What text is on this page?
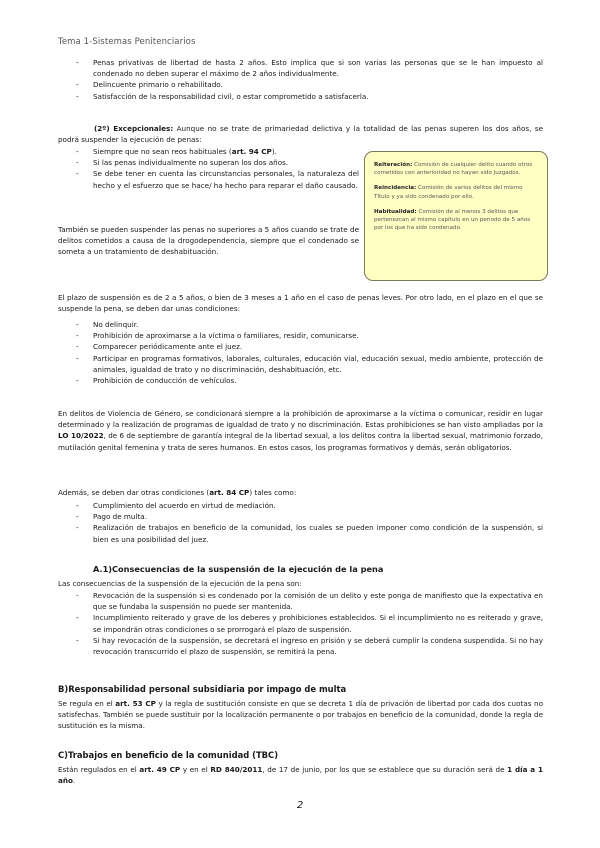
Tema 1-Sistemas Penitenciarios
- Penas privativas de libertad de hasta 2 años. Esto implica que si son varias las personas que se le han impuesto al condenado no deben superar el máximo de 2 años individualmente.
- Delincuente primario o rehabilitado.
- Satisfacción de la responsabilidad civil, o estar comprometido a satisfacerla.
(2º) Excepcionales: Aunque no se trate de primariedad delictiva y la totalidad de las penas superen los dos años, se podrá suspender la ejecución de penas:
- Siempre que no sean reos habituales (art. 94 CP).
- Si las penas individualmente no superan los dos años.
- Se debe tener en cuenta las circunstancias personales, la naturaleza del hecho y el esfuerzo que se hace/ ha hecho para reparar el daño causado.
También se pueden suspender las penas no superiores a 5 años cuando se trate de delitos cometidos a causa de la drogodependencia, siempre que el condenado se someta a un tratamiento de deshabituación.

Reiteración: Comisión de cualquier delito cuando otros cometidos con anterioridad no hayan sido juzgados.

Reincidencia: Comisión de varios delitos del mismo Título y ya sido condenado por ello.

Habitualidad: Comisión de al menos 3 delitos que pertenezcan al mismo capítulo en un periodo de 5 años por los que ha sido condenado.

El plazo de suspensión es de 2 a 5 años, o bien de 3 meses a 1 año en el caso de penas leves. Por otro lado, en el plazo en el que se suspende la pena, se deben dar unas condiciones:
- No delinquir.
- Prohibición de aproximarse a la víctima o familiares, residir, comunicarse.
- Comparecer periódicamente ante el juez.
- Participar en programas formativos, laborales, culturales, educación vial, educación sexual, medio ambiente, protección de animales, igualdad de trato y no discriminación, deshabituación, etc.
- Prohibición de conducción de vehículos.
En delitos de Violencia de Género, se condicionará siempre a la prohibición de aproximarse a la víctima o comunicar, residir en lugar determinado y la realización de programas de igualdad de trato y no discriminación. Estas prohibiciones se han visto ampliadas por la LO 10/2022, de 6 de septiembre de garantía integral de la libertad sexual, a los delitos contra la libertad sexual, matrimonio forzado, mutilación genital femenina y trata de seres humanos. En estos casos, los programas formativos y demás, serán obligatorios.
Además, se deben dar otras condiciones (art. 84 CP) tales como:
- Cumplimiento del acuerdo en virtud de mediación.
- Pago de multa.
- Realización de trabajos en beneficio de la comunidad, los cuales se pueden imponer como condición de la suspensión, si bien es una posibilidad del juez.
A.1)Consecuencias de la suspensión de la ejecución de la pena
Las consecuencias de la suspensión de la ejecución de la pena son:
- Revocación de la suspensión si es condenado por la comisión de un delito y este ponga de manifiesto que la expectativa en que se fundaba la suspensión no puede ser mantenida.
- Incumplimiento reiterado y grave de los deberes y prohibiciones establecidos. Si el incumplimiento no es reiterado y grave, se impondrán otras condiciones o se prorrogará el plazo de suspensión.
- Si hay revocación de la suspensión, se decretará el ingreso en prisión y se deberá cumplir la condena suspendida. Si no hay revocación transcurrido el plazo de suspensión, se remitirá la pena.
B)Responsabilidad personal subsidiaria por impago de multa
Se regula en el art. 53 CP y la regla de sustitución consiste en que se decreta 1 día de privación de libertad por cada dos cuotas no satisfechas. También se puede sustituir por la localización permanente o por trabajos en beneficio de la comunidad, donde la regla de sustitución es la misma.
C)Trabajos en beneficio de la comunidad (TBC)
Están regulados en el art. 49 CP y en el RD 840/2011, de 17 de junio, por los que se establece que su duración será de 1 día a 1 año.
2
